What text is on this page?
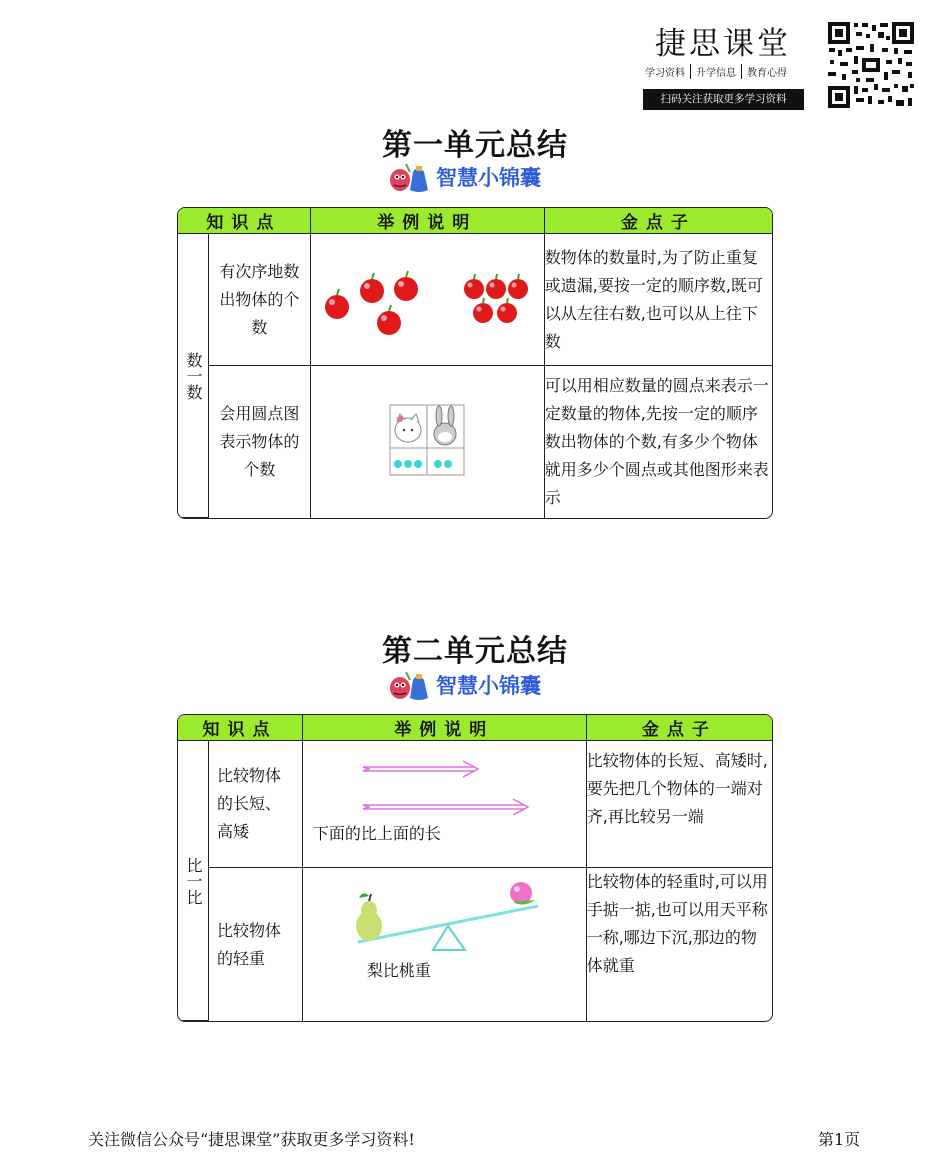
捷思课堂
学习资料	升学信息	教育心得
扫码关注获取更多学习资料
第一单元总结
智慧小锦囊
知识点		举例说明	金点子

数一数	有次序地数出物体的个数		数物体的数量时,为了防止重复或遗漏,要按一定的顺序数,既可以从左往右数,也可以从上往下数

	会用圆点图表示物体的个数		可以用相应数量的圆点来表示一定数量的物体,先按一定的顺序数出物体的个数,有多少个物体就用多少个圆点或其他图形来表示
第二单元总结
智慧小锦囊
知识点		举例说明	金点子

比一比	比较物体的长短、高矮	下面的比上面的长	比较物体的长短、高矮时,要先把几个物体的一端对齐,再比较另一端

	比较物体的轻重	梨比桃重	比较物体的轻重时,可以用手掂一掂,也可以用天平称一称,哪边下沉,那边的物体就重
关注微信公众号“捷思课堂”获取更多学习资料!	第1页
